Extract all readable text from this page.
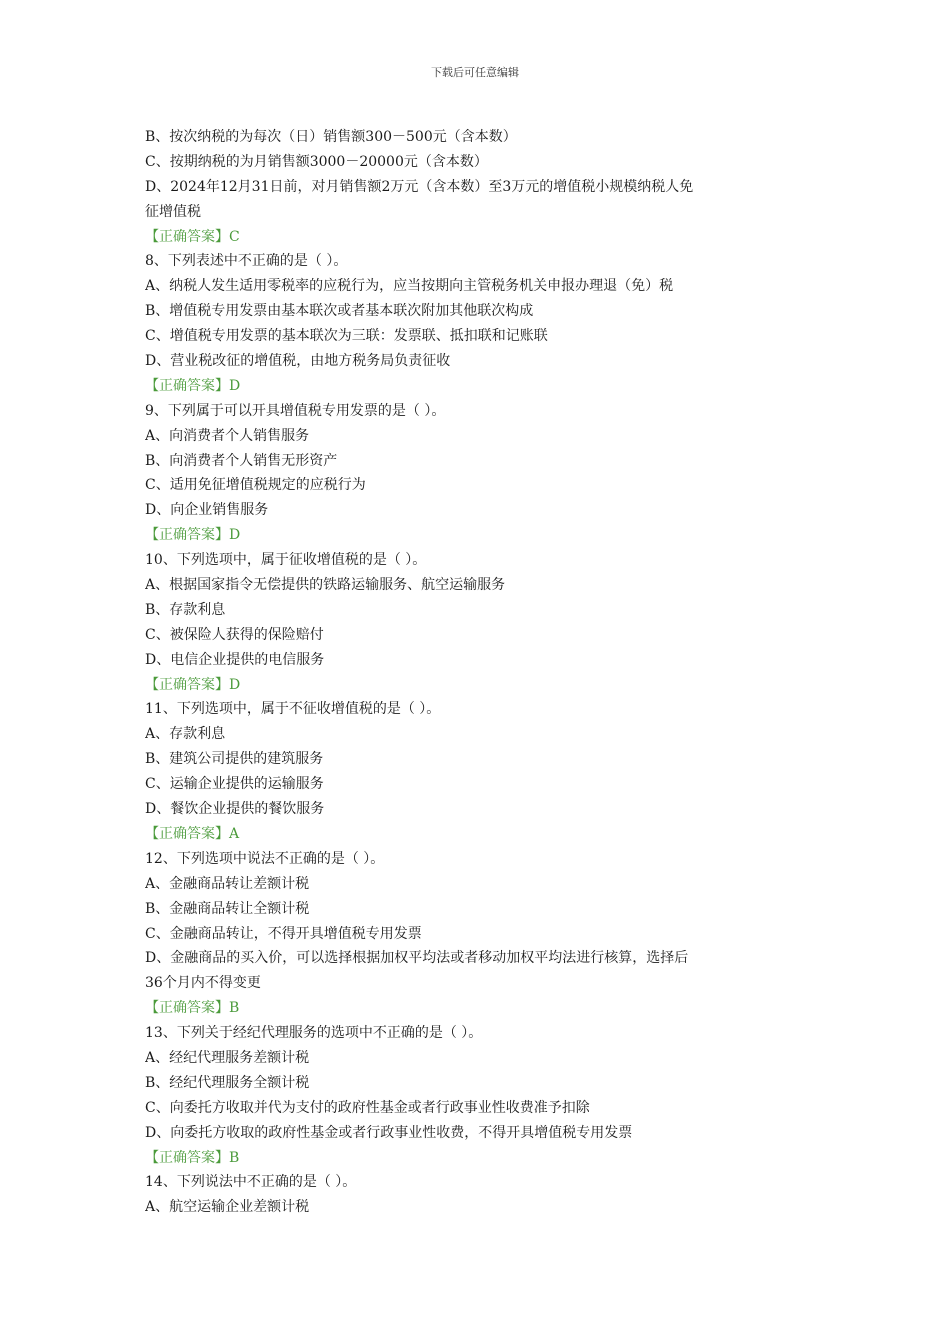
下载后可任意编辑
B、按次纳税的为每次（日）销售额300－500元（含本数）
C、按期纳税的为月销售额3000－20000元（含本数）
D、2024年12月31日前，对月销售额2万元（含本数）至3万元的增值税小规模纳税人免
征增值税
【正确答案】C
8、下列表述中不正确的是（ ）。
A、纳税人发生适用零税率的应税行为，应当按期向主管税务机关申报办理退（免）税
B、增值税专用发票由基本联次或者基本联次附加其他联次构成
C、增值税专用发票的基本联次为三联：发票联、抵扣联和记账联
D、营业税改征的增值税，由地方税务局负责征收
【正确答案】D
9、下列属于可以开具增值税专用发票的是（ ）。
A、向消费者个人销售服务
B、向消费者个人销售无形资产
C、适用免征增值税规定的应税行为
D、向企业销售服务
【正确答案】D
10、下列选项中，属于征收增值税的是（ ）。
A、根据国家指令无偿提供的铁路运输服务、航空运输服务
B、存款利息
C、被保险人获得的保险赔付
D、电信企业提供的电信服务
【正确答案】D
11、下列选项中，属于不征收增值税的是（ ）。
A、存款利息
B、建筑公司提供的建筑服务
C、运输企业提供的运输服务
D、餐饮企业提供的餐饮服务
【正确答案】A
12、下列选项中说法不正确的是（ ）。
A、金融商品转让差额计税
B、金融商品转让全额计税
C、金融商品转让，不得开具增值税专用发票
D、金融商品的买入价，可以选择根据加权平均法或者移动加权平均法进行核算，选择后
36个月内不得变更
【正确答案】B
13、下列关于经纪代理服务的选项中不正确的是（ ）。
A、经纪代理服务差额计税
B、经纪代理服务全额计税
C、向委托方收取并代为支付的政府性基金或者行政事业性收费准予扣除
D、向委托方收取的政府性基金或者行政事业性收费，不得开具增值税专用发票
【正确答案】B
14、下列说法中不正确的是（ ）。
A、航空运输企业差额计税
